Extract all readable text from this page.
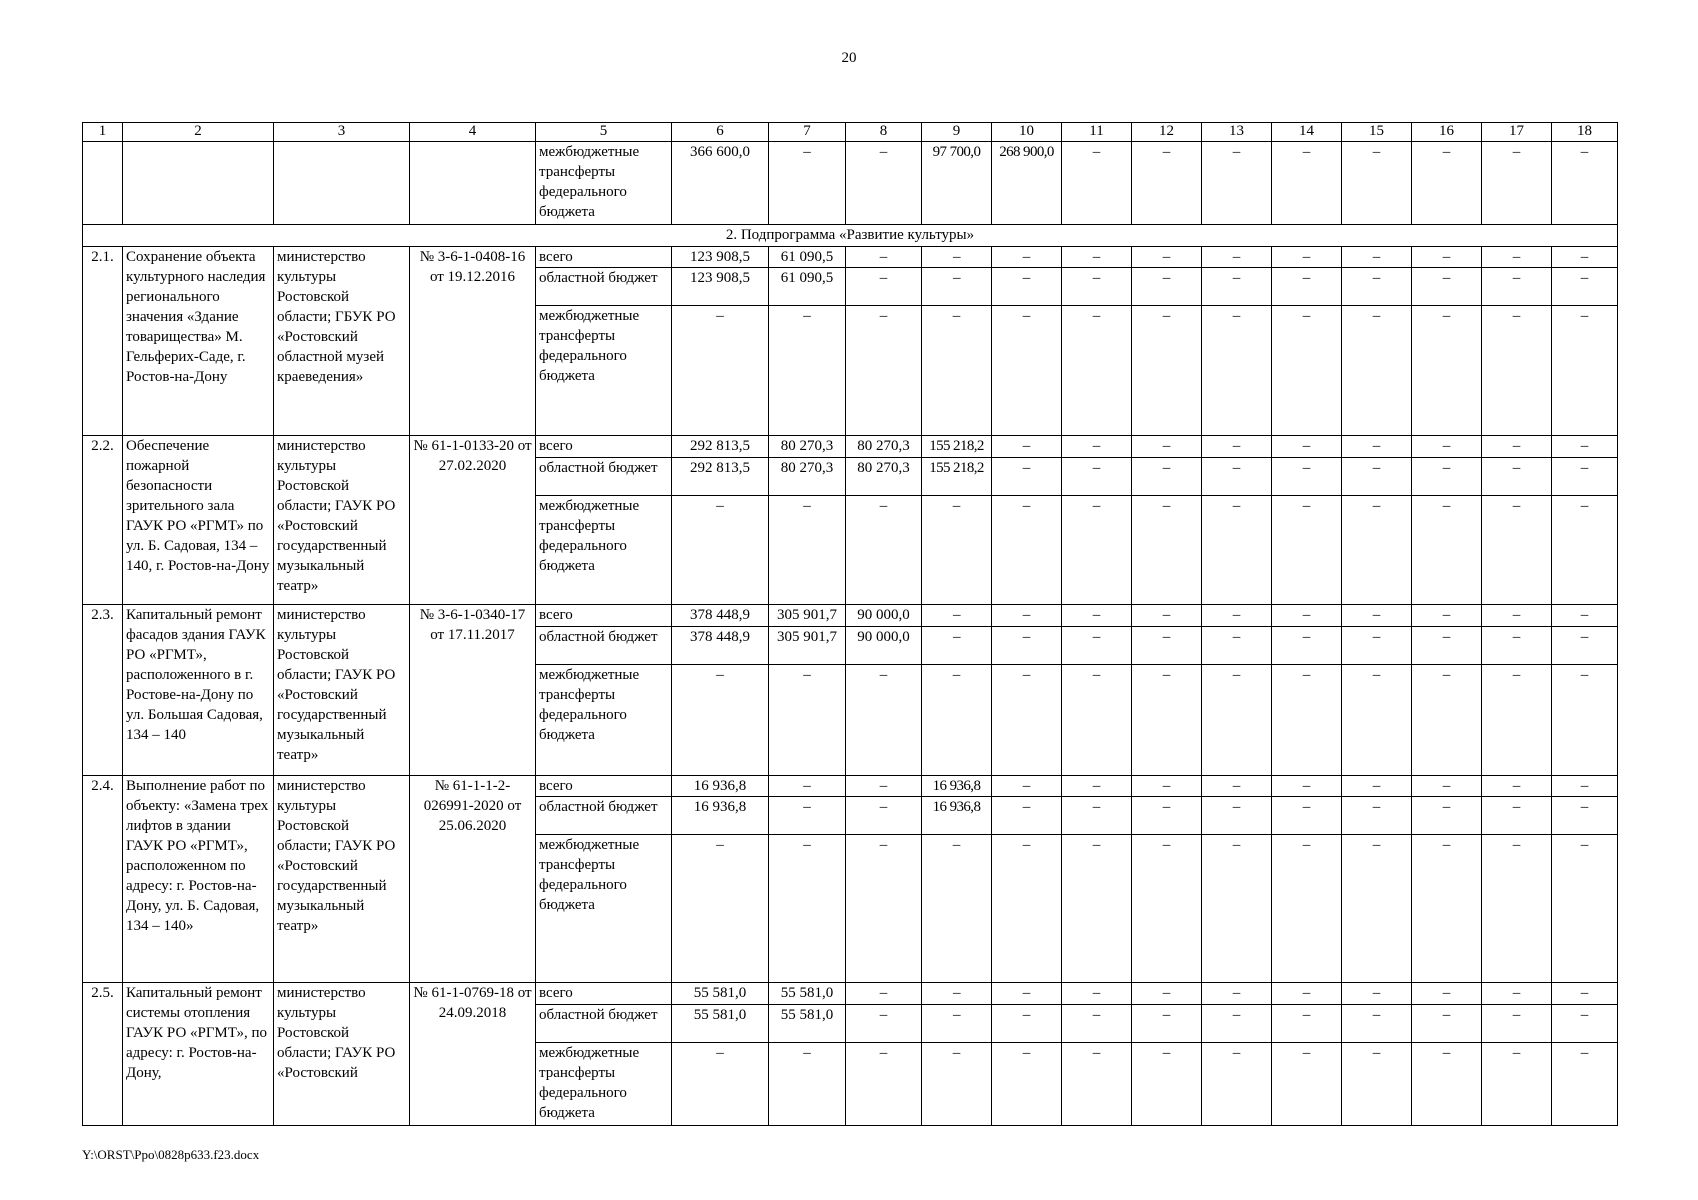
20
1	2	3	4	5	6	7	8	9	10	11	12	13	14	15	16	17	18
				межбюджетные трансферты федерального бюджета	366 600,0	–	–	97 700,0	268 900,0	–	–	–	–	–	–	–	–
2. Подпрограмма «Развитие культуры»																	
2.1.	Сохранение объекта культурного наследия регионального значения «Здание товарищества» М. Гельферих-Саде, г. Ростов-на-Дону	министерство культуры Ростовской области; ГБУК РО «Ростовский областной музей краеведения»	№ 3-6-1-0408-16 от 19.12.2016	всего	123 908,5	61 090,5	–	–	–	–	–	–	–	–	–	–	–
				областной бюджет	123 908,5	61 090,5	–	–	–	–	–	–	–	–	–	–	–
				межбюджетные трансферты федерального бюджета	–	–	–	–	–	–	–	–	–	–	–	–	–
2.2.	Обеспечение пожарной безопасности зрительного зала ГАУК РО «РГМТ» по ул. Б. Садовая, 134 – 140, г. Ростов-на-Дону	министерство культуры Ростовской области; ГАУК РО «Ростовский государственный музыкальный театр»	№ 61-1-0133-20 от 27.02.2020	всего	292 813,5	80 270,3	80 270,3	155 218,2	–	–	–	–	–	–	–	–	–
				областной бюджет	292 813,5	80 270,3	80 270,3	155 218,2	–	–	–	–	–	–	–	–	–
				межбюджетные трансферты федерального бюджета	–	–	–	–	–	–	–	–	–	–	–	–	–
2.3.	Капитальный ремонт фасадов здания ГАУК РО «РГМТ», расположенного в г. Ростове-на-Дону по ул. Большая Садовая, 134 – 140	министерство культуры Ростовской области; ГАУК РО «Ростовский государственный музыкальный театр»	№ 3-6-1-0340-17 от 17.11.2017	всего	378 448,9	305 901,7	90 000,0	–	–	–	–	–	–	–	–	–	–
				областной бюджет	378 448,9	305 901,7	90 000,0	–	–	–	–	–	–	–	–	–	–
				межбюджетные трансферты федерального бюджета	–	–	–	–	–	–	–	–	–	–	–	–	–
2.4.	Выполнение работ по объекту: «Замена трех лифтов в здании ГАУК РО «РГМТ», расположенном по адресу: г. Ростов-на-Дону, ул. Б. Садовая, 134 – 140»	министерство культуры Ростовской области; ГАУК РО «Ростовский государственный музыкальный театр»	№ 61-1-1-2-026991-2020 от 25.06.2020	всего	16 936,8	–	–	16 936,8	–	–	–	–	–	–	–	–	–
				областной бюджет	16 936,8	–	–	16 936,8	–	–	–	–	–	–	–	–	–
				межбюджетные трансферты федерального бюджета	–	–	–	–	–	–	–	–	–	–	–	–	–
2.5.	Капитальный ремонт системы отопления ГАУК РО «РГМТ», по адресу: г. Ростов-на-Дону,	министерство культуры Ростовской области; ГАУК РО «Ростовский	№ 61-1-0769-18 от 24.09.2018	всего	55 581,0	55 581,0	–	–	–	–	–	–	–	–	–	–	–
				областной бюджет	55 581,0	55 581,0	–	–	–	–	–	–	–	–	–	–	–
				межбюджетные трансферты федерального бюджета	–	–	–	–	–	–	–	–	–	–	–	–	–
Y:\ORST\Ppo\0828p633.f23.docx
